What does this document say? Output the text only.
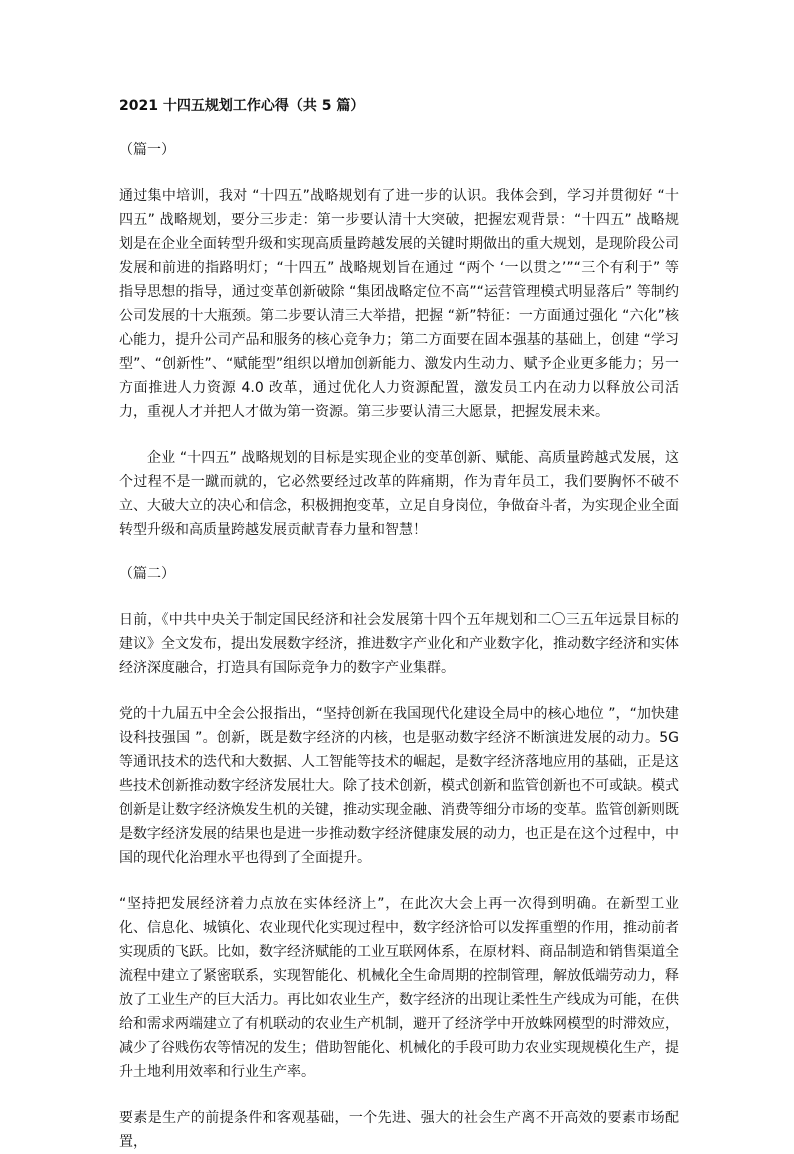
2021 十四五规划工作心得（共 5 篇）

（篇一）

通过集中培训，我对 “十四五”战略规划有了进一步的认识。我体会到，学习并贯彻好 “十四五” 战略规划，要分三步走：第一步要认清十大突破，把握宏观背景：“十四五” 战略规划是在企业全面转型升级和实现高质量跨越发展的关键时期做出的重大规划，是现阶段公司发展和前进的指路明灯；“十四五” 战略规划旨在通过 “两个 ‘一以贯之’”“三个有利于” 等指导思想的指导，通过变革创新破除 “集团战略定位不高”“运营管理模式明显落后” 等制约公司发展的十大瓶颈。第二步要认清三大举措，把握 “新”特征：一方面通过强化 “六化”核心能力，提升公司产品和服务的核心竞争力；第二方面要在固本强基的基础上，创建 “学习型”、“创新性”、“赋能型”组织以增加创新能力、激发内生动力、赋予企业更多能力；另一方面推进人力资源 4.0 改革，通过优化人力资源配置，激发员工内在动力以释放公司活力，重视人才并把人才做为第一资源。第三步要认清三大愿景，把握发展未来。

企业 “十四五” 战略规划的目标是实现企业的变革创新、赋能、高质量跨越式发展，这个过程不是一蹴而就的，它必然要经过改革的阵痛期，作为青年员工，我们要胸怀不破不立、大破大立的决心和信念，积极拥抱变革，立足自身岗位，争做奋斗者，为实现企业全面转型升级和高质量跨越发展贡献青春力量和智慧！

（篇二）

日前，《中共中央关于制定国民经济和社会发展第十四个五年规划和二〇三五年远景目标的建议》全文发布，提出发展数字经济，推进数字产业化和产业数字化，推动数字经济和实体经济深度融合，打造具有国际竞争力的数字产业集群。

党的十九届五中全会公报指出，“坚持创新在我国现代化建设全局中的核心地位 ”，“加快建设科技强国 ”。创新，既是数字经济的内核，也是驱动数字经济不断演进发展的动力。5G 等通讯技术的迭代和大数据、人工智能等技术的崛起，是数字经济落地应用的基础，正是这些技术创新推动数字经济发展壮大。除了技术创新，模式创新和监管创新也不可或缺。模式创新是让数字经济焕发生机的关键，推动实现金融、消费等细分市场的变革。监管创新则既是数字经济发展的结果也是进一步推动数字经济健康发展的动力，也正是在这个过程中，中国的现代化治理水平也得到了全面提升。

“坚持把发展经济着力点放在实体经济上”，在此次大会上再一次得到明确。在新型工业化、信息化、城镇化、农业现代化实现过程中，数字经济恰可以发挥重塑的作用，推动前者实现质的飞跃。比如，数字经济赋能的工业互联网体系，在原材料、商品制造和销售渠道全流程中建立了紧密联系，实现智能化、机械化全生命周期的控制管理，解放低端劳动力，释放了工业生产的巨大活力。再比如农业生产，数字经济的出现让柔性生产线成为可能，在供给和需求两端建立了有机联动的农业生产机制，避开了经济学中开放蛛网模型的时滞效应，减少了谷贱伤农等情况的发生；借助智能化、机械化的手段可助力农业实现规模化生产，提升土地利用效率和行业生产率。

要素是生产的前提条件和客观基础，一个先进、强大的社会生产离不开高效的要素市场配置，
